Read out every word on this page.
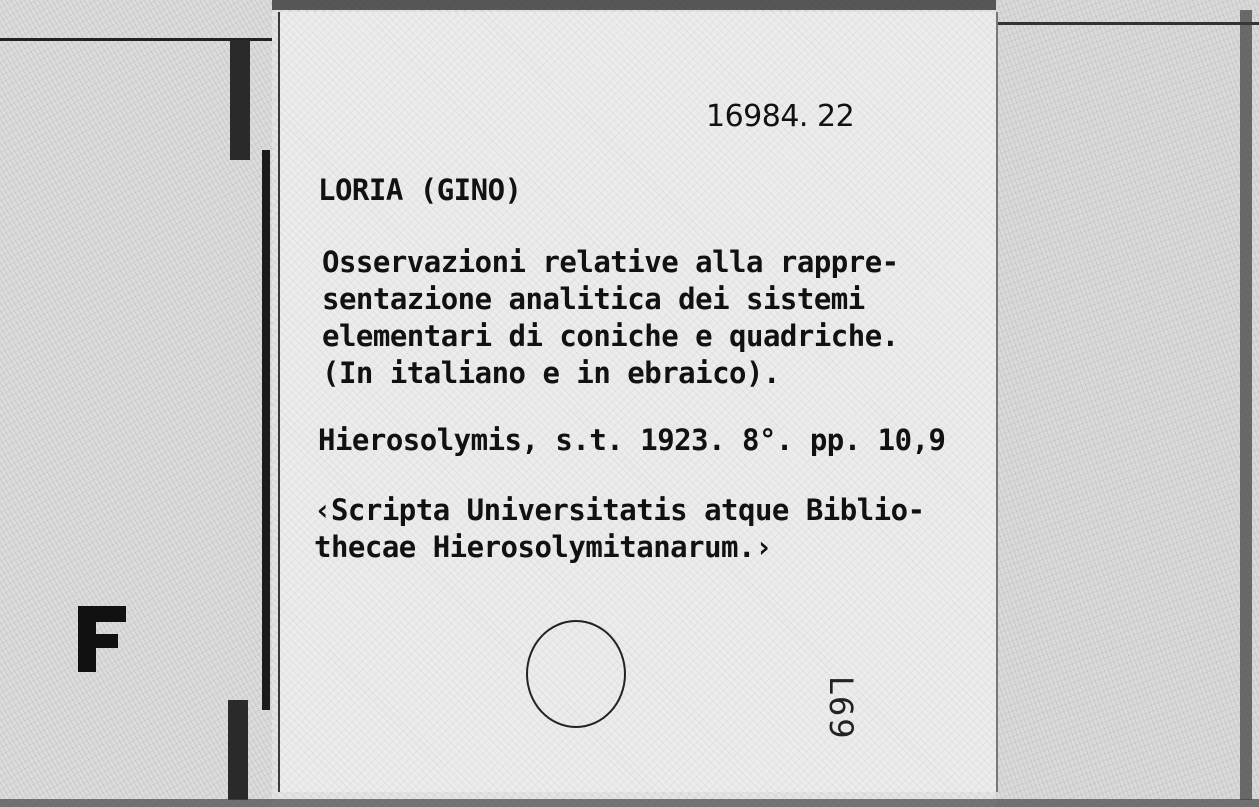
16984. 22
LORIA (GINO)
Osservazioni relative alla rappre-
sentazione analitica dei sistemi
elementari di coniche e quadriche.
(In italiano e in ebraico).
Hierosolymis, s.t. 1923. 8°. pp. 10,9
‹Scripta Universitatis atque Biblio-
thecae Hierosolymitanarum.›
L69
